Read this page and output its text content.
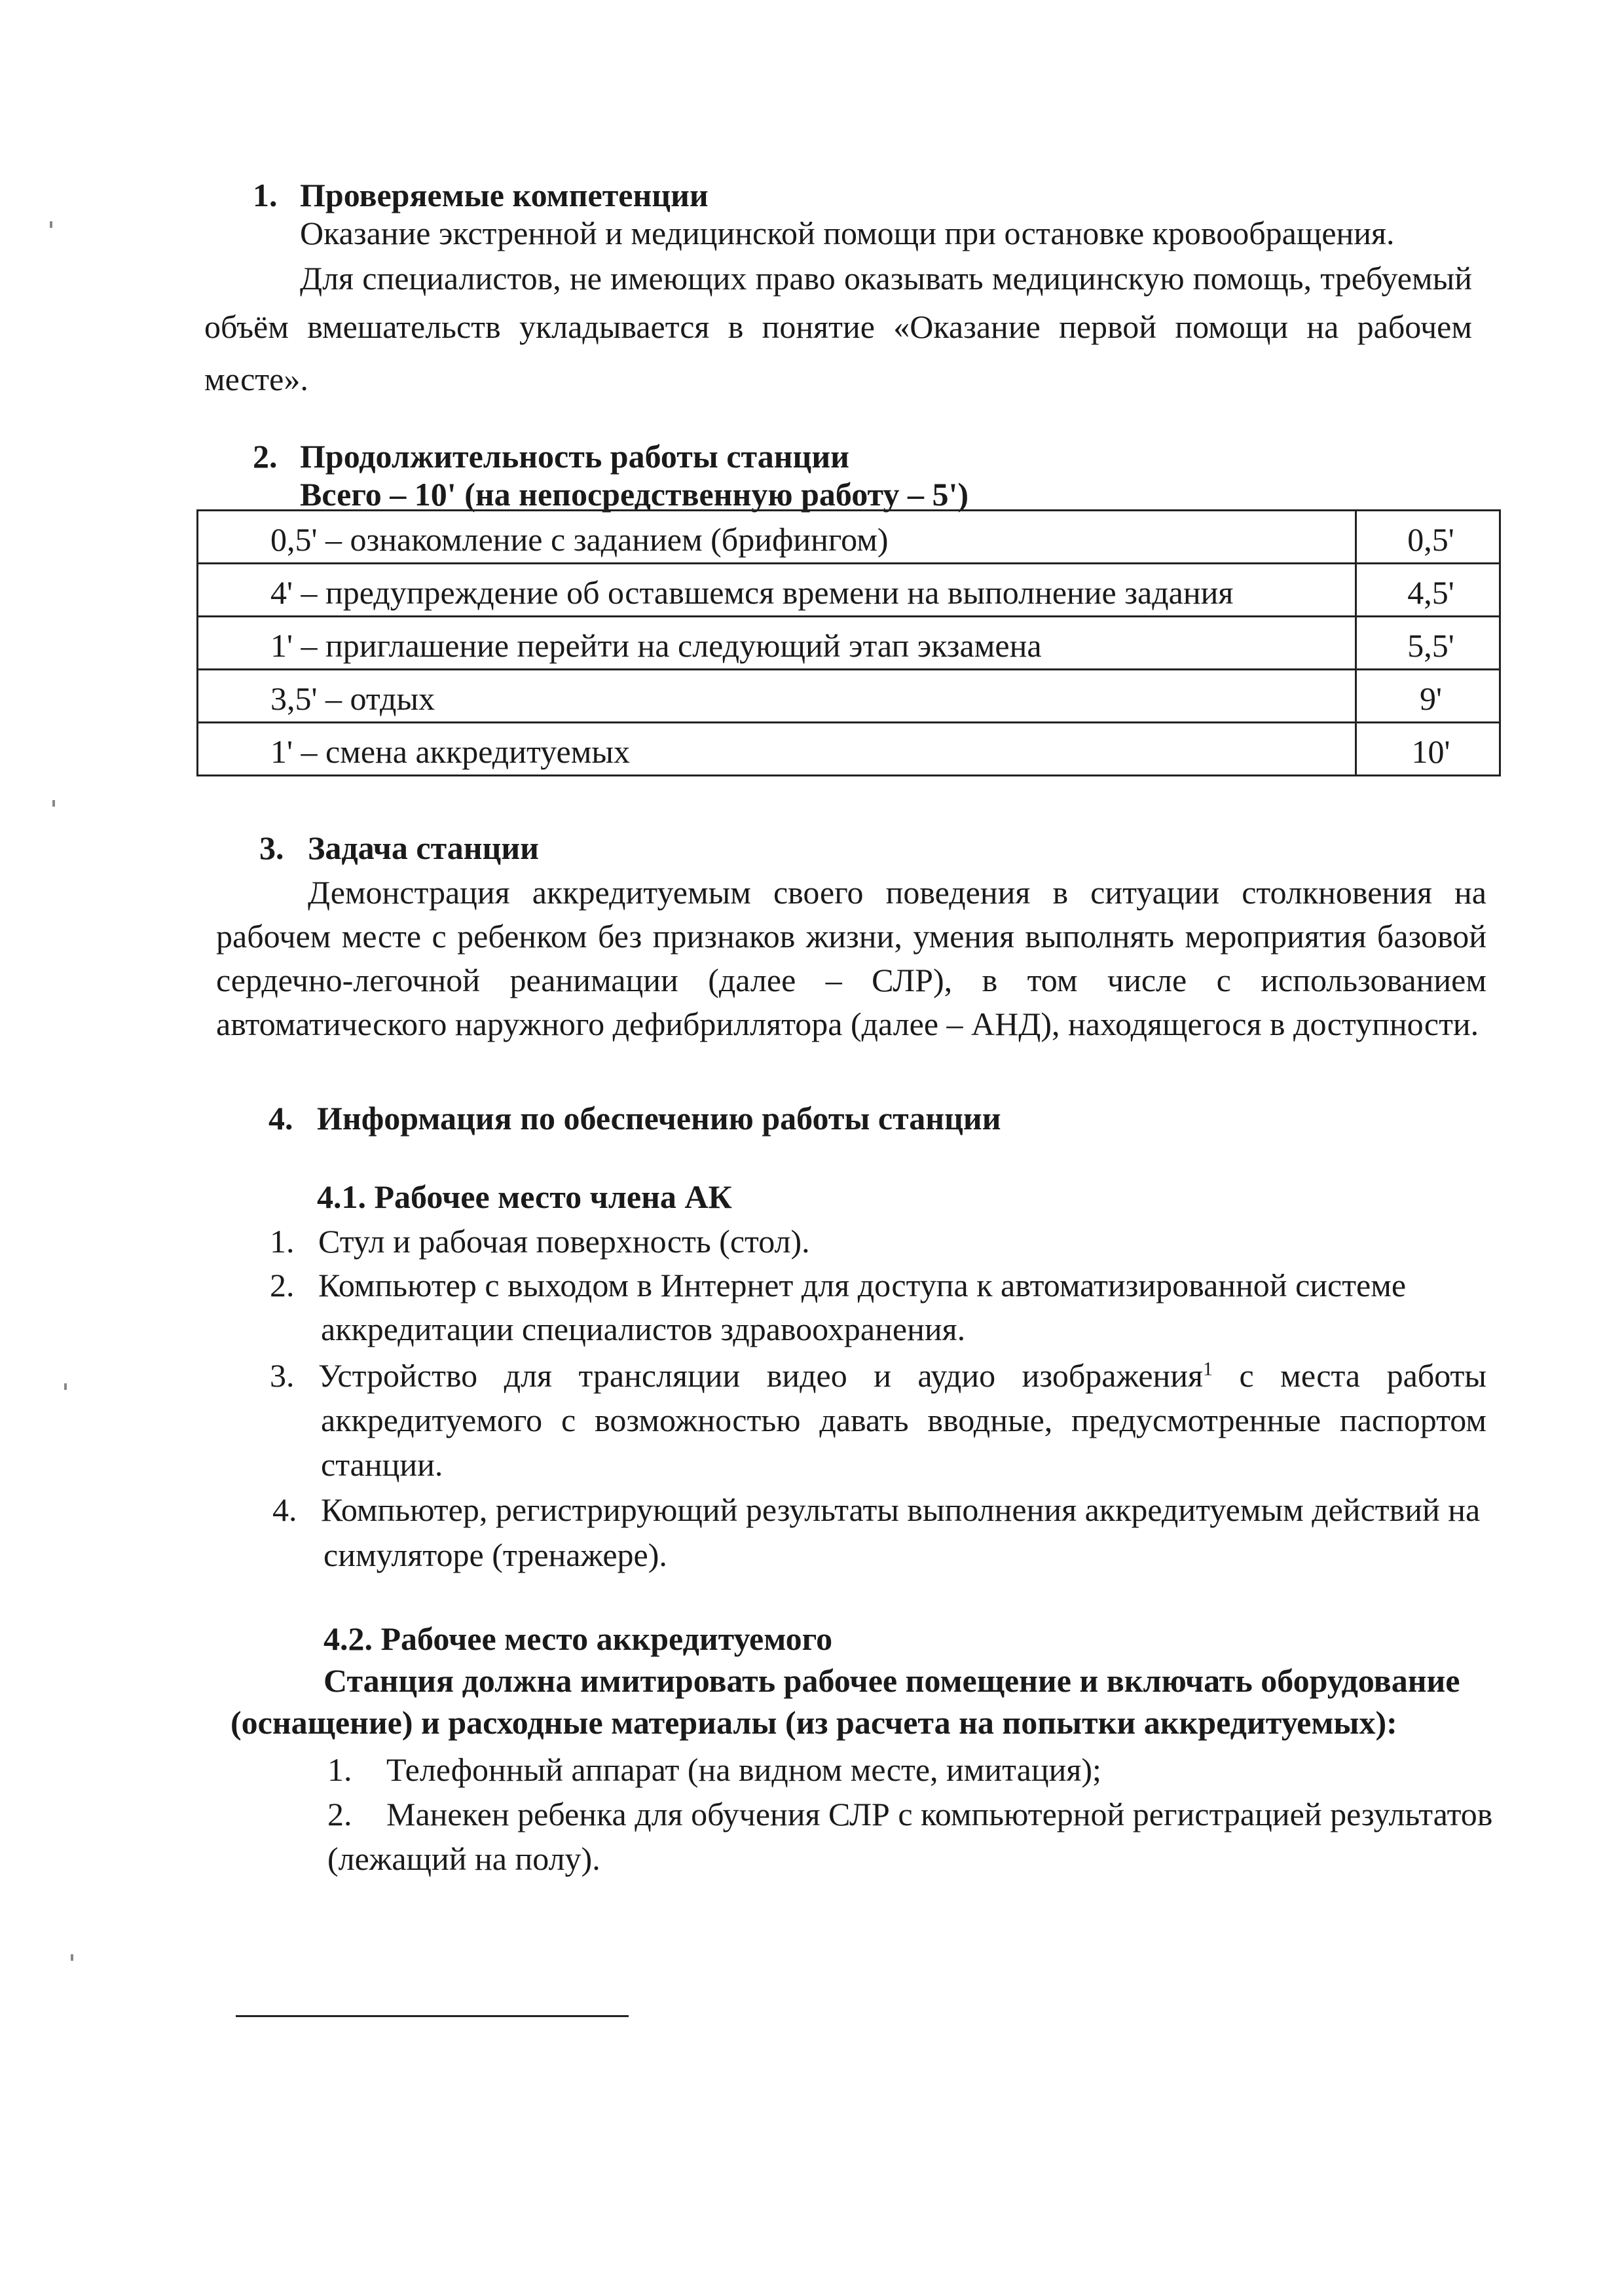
1. Проверяемые компетенции
Оказание экстренной и медицинской помощи при остановке кровообращения.
Для специалистов, не имеющих право оказывать медицинскую помощь, требуемый
объём вмешательств укладывается в понятие «Оказание первой помощи на рабочем
месте».
2. Продолжительность работы станции
Всего – 10' (на непосредственную работу – 5')
0,5' – ознакомление с заданием (брифингом)	0,5'

4' – предупреждение об оставшемся времени на выполнение задания	4,5'

1' – приглашение перейти на следующий этап экзамена	5,5'

3,5' – отдых	9'

1' – смена аккредитуемых	10'
3. Задача станции
Демонстрация аккредитуемым своего поведения в ситуации столкновения на
рабочем месте с ребенком без признаков жизни, умения выполнять мероприятия базовой
сердечно-легочной реанимации (далее – СЛР), в том числе с использованием
автоматического наружного дефибриллятора (далее – АНД), находящегося в доступности.
4. Информация по обеспечению работы станции
4.1. Рабочее место члена АК
1. Стул и рабочая поверхность (стол).
2. Компьютер с выходом в Интернет для доступа к автоматизированной системе
аккредитации специалистов здравоохранения.
3. Устройство для трансляции видео и аудио изображения$^1$ с места работы
аккредитуемого с возможностью давать вводные, предусмотренные паспортом
станции.
4. Компьютер, регистрирующий результаты выполнения аккредитуемым действий на
симуляторе (тренажере).
4.2. Рабочее место аккредитуемого
Станция должна имитировать рабочее помещение и включать оборудование
(оснащение) и расходные материалы (из расчета на попытки аккредитуемых):
1. Телефонный аппарат (на видном месте, имитация);
2. Манекен ребенка для обучения СЛР с компьютерной регистрацией результатов
(лежащий на полу).
